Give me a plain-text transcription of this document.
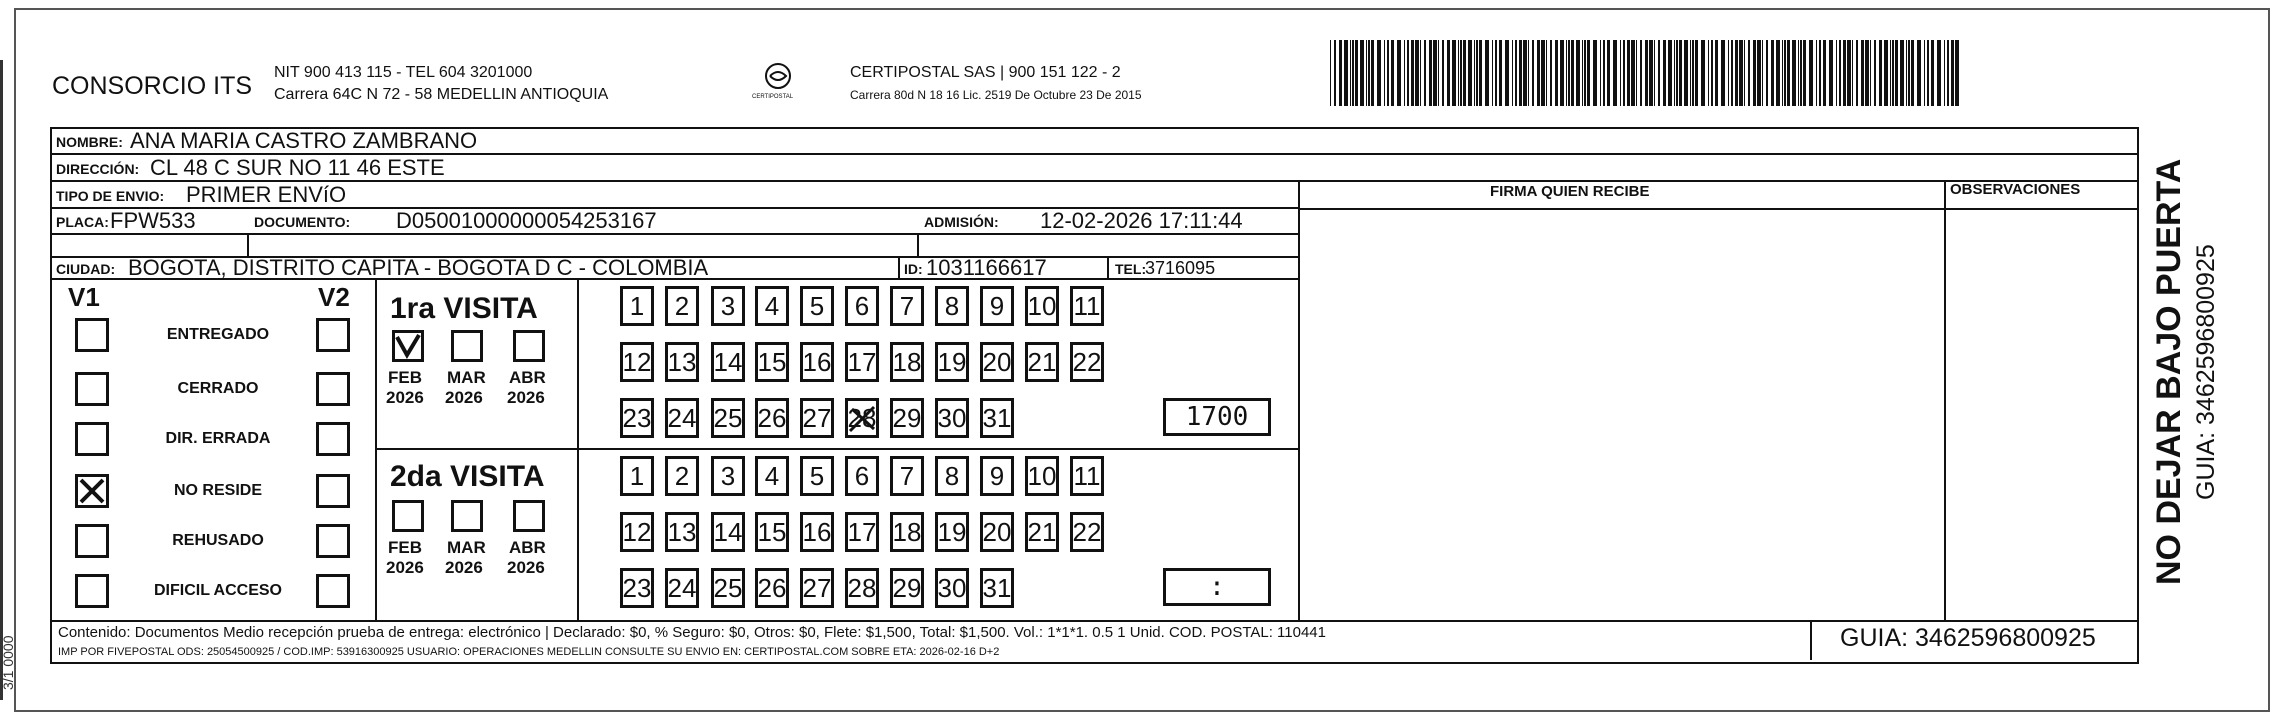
3/1 0000
CONSORCIO ITS NIT 900 413 115 - TEL 604 3201000
Carrera 64C N 72 - 58 MEDELLIN ANTIOQUIA	CERTIPOSTAL
CERTIPOSTAL SAS | 900 151 122 - 2
Carrera 80d N 18 16 Lic. 2519 De Octubre 23 De 2015
NOMBRE: ANA MARIA CASTRO ZAMBRANO
DIRECCIÓN: CL 48 C SUR NO 11 46 ESTE
TIPO DE ENVIO: PRIMER ENVíO	FIRMA QUIEN RECIBE	OBSERVACIONES
PLACA: FPW533	DOCUMENTO: D05001000000054253167	ADMISIÓN: 12-02-2026 17:11:44
CIUDAD: BOGOTA, DISTRITO CAPITA - BOGOTA D C - COLOMBIA	ID: 1031166617	TEL:
3716095
V1	V2
ENTREGADO
CERRADO
DIR. ERRADA
NO RESIDE
REHUSADO
DIFICIL ACCESO
1ra VISITA
2da VISITA
FEB
2026
MAR
2026
ABR
2026
1	2	3	4	5	6	7	8	9 10 11
12 13 14 15 16 17 18 19 20 21 22
23 24 25 26 27 28 29 30 31	1700
FEB
2026
MAR
2026
ABR
2026
1	2	3	4	5	6	7	8	9 10 11
12 13 14 15 16 17 18 19 20 21 22
23 24 25 26 27 28 29 30 31	:
Contenido: Documentos Medio recepción prueba de entrega: electrónico | Declarado: $0, % Seguro: $0, Otros: $0, Flete: $1,500, Total: $1,500. Vol.: 1*1*1. 0.5 1 Unid. COD. POSTAL: 110441
IMP POR FIVEPOSTAL ODS: 25054500925 / COD.IMP: 53916300925 USUARIO: OPERACIONES MEDELLIN CONSULTE SU ENVIO EN: CERTIPOSTAL.COM SOBRE ETA: 2026-02-16 D+2	GUIA: 3462596800925
NO DEJAR BAJO PUERTA GUIA: 3462596800925
